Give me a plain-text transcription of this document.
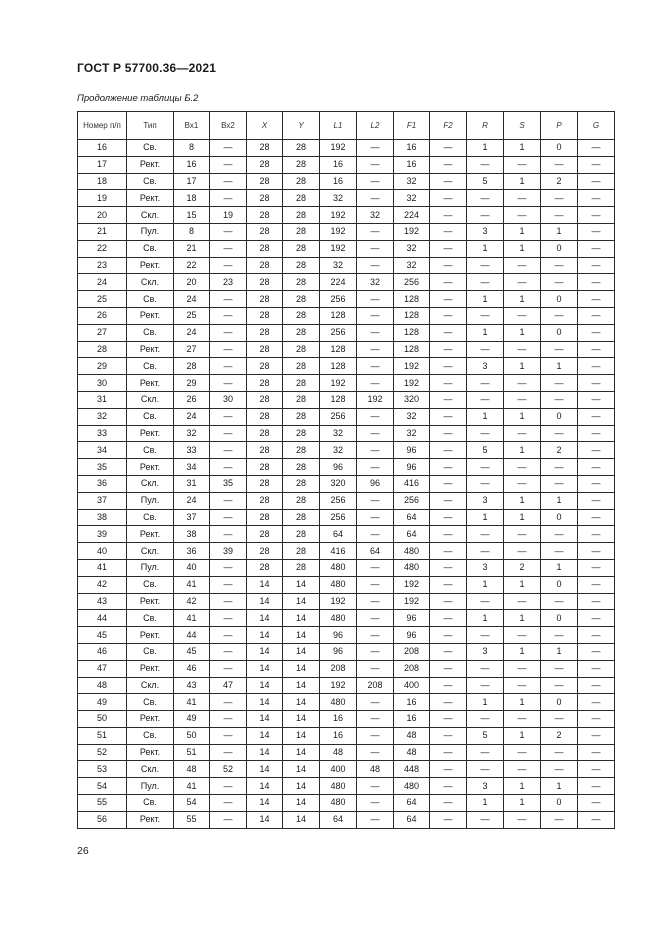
ГОСТ Р 57700.36—2021
Продолжение таблицы Б.2
Номер п/п	Тип	Вх1	Вх2	X	Y	L1	L2	F1	F2	R	S	P	G
16	Св.	8	—	28	28	192	—	16	—	1	1	0	—
17	Рект.	16	—	28	28	16	—	16	—	—	—	—	—
18	Св.	17	—	28	28	16	—	32	—	5	1	2	—
19	Рект.	18	—	28	28	32	—	32	—	—	—	—	—
20	Скл.	15	19	28	28	192	32	224	—	—	—	—	—
21	Пул.	8	—	28	28	192	—	192	—	3	1	1	—
22	Св.	21	—	28	28	192	—	32	—	1	1	0	—
23	Рект.	22	—	28	28	32	—	32	—	—	—	—	—
24	Скл.	20	23	28	28	224	32	256	—	—	—	—	—
25	Св.	24	—	28	28	256	—	128	—	1	1	0	—
26	Рект.	25	—	28	28	128	—	128	—	—	—	—	—
27	Св.	24	—	28	28	256	—	128	—	1	1	0	—
28	Рект.	27	—	28	28	128	—	128	—	—	—	—	—
29	Св.	28	—	28	28	128	—	192	—	3	1	1	—
30	Рект.	29	—	28	28	192	—	192	—	—	—	—	—
31	Скл.	26	30	28	28	128	192	320	—	—	—	—	—
32	Св.	24	—	28	28	256	—	32	—	1	1	0	—
33	Рект.	32	—	28	28	32	—	32	—	—	—	—	—
34	Св.	33	—	28	28	32	—	96	—	5	1	2	—
35	Рект.	34	—	28	28	96	—	96	—	—	—	—	—
36	Скл.	31	35	28	28	320	96	416	—	—	—	—	—
37	Пул.	24	—	28	28	256	—	256	—	3	1	1	—
38	Св.	37	—	28	28	256	—	64	—	1	1	0	—
39	Рект.	38	—	28	28	64	—	64	—	—	—	—	—
40	Скл.	36	39	28	28	416	64	480	—	—	—	—	—
41	Пул.	40	—	28	28	480	—	480	—	3	2	1	—
42	Св.	41	—	14	14	480	—	192	—	1	1	0	—
43	Рект.	42	—	14	14	192	—	192	—	—	—	—	—
44	Св.	41	—	14	14	480	—	96	—	1	1	0	—
45	Рект.	44	—	14	14	96	—	96	—	—	—	—	—
46	Св.	45	—	14	14	96	—	208	—	3	1	1	—
47	Рект.	46	—	14	14	208	—	208	—	—	—	—	—
48	Скл.	43	47	14	14	192	208	400	—	—	—	—	—
49	Св.	41	—	14	14	480	—	16	—	1	1	0	—
50	Рект.	49	—	14	14	16	—	16	—	—	—	—	—
51	Св.	50	—	14	14	16	—	48	—	5	1	2	—
52	Рект.	51	—	14	14	48	—	48	—	—	—	—	—
53	Скл.	48	52	14	14	400	48	448	—	—	—	—	—
54	Пул.	41	—	14	14	480	—	480	—	3	1	1	—
55	Св.	54	—	14	14	480	—	64	—	1	1	0	—
56	Рект.	55	—	14	14	64	—	64	—	—	—	—	—
26
